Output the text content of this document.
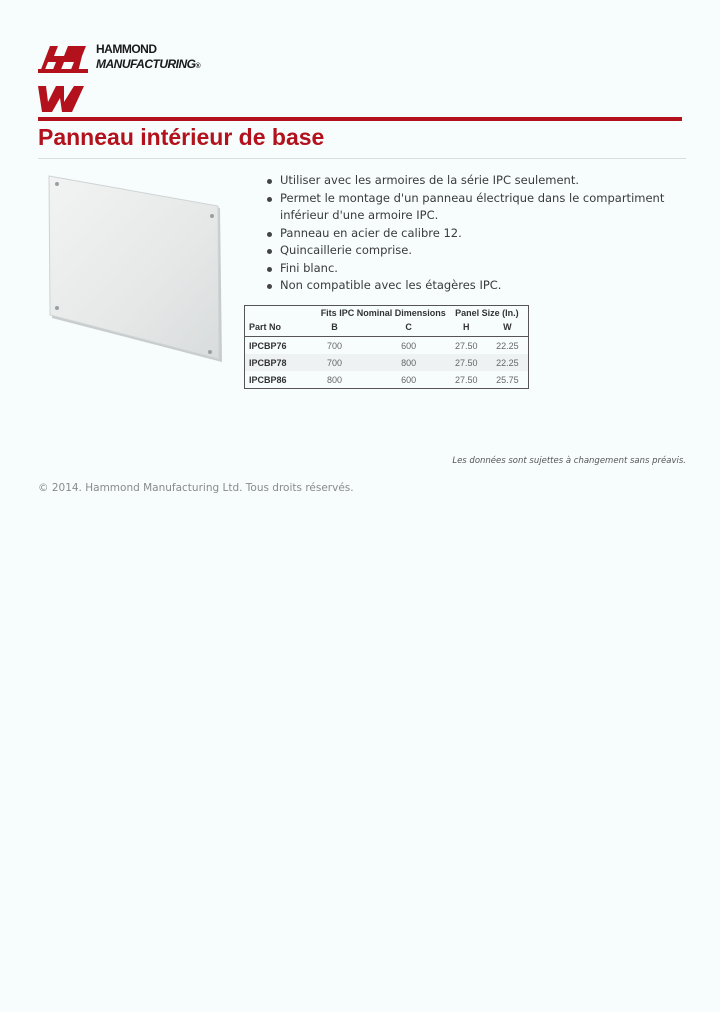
HAMMOND
MANUFACTURING®
Panneau intérieur de base
Utiliser avec les armoires de la série IPC seulement.
Permet le montage d'un panneau électrique dans le compartiment inférieur d'une armoire IPC.
Panneau en acier de calibre 12.
Quincaillerie comprise.
Fini blanc.
Non compatible avec les étagères IPC.
	Fits IPC Nominal Dimensions		Panel Size (In.)	
Part No	B	C	H	W
IPCBP76	700	600	27.50	22.25
IPCBP78	700	800	27.50	22.25
IPCBP86	800	600	27.50	25.75
Les données sont sujettes à changement sans préavis.
© 2014. Hammond Manufacturing Ltd. Tous droits réservés.
